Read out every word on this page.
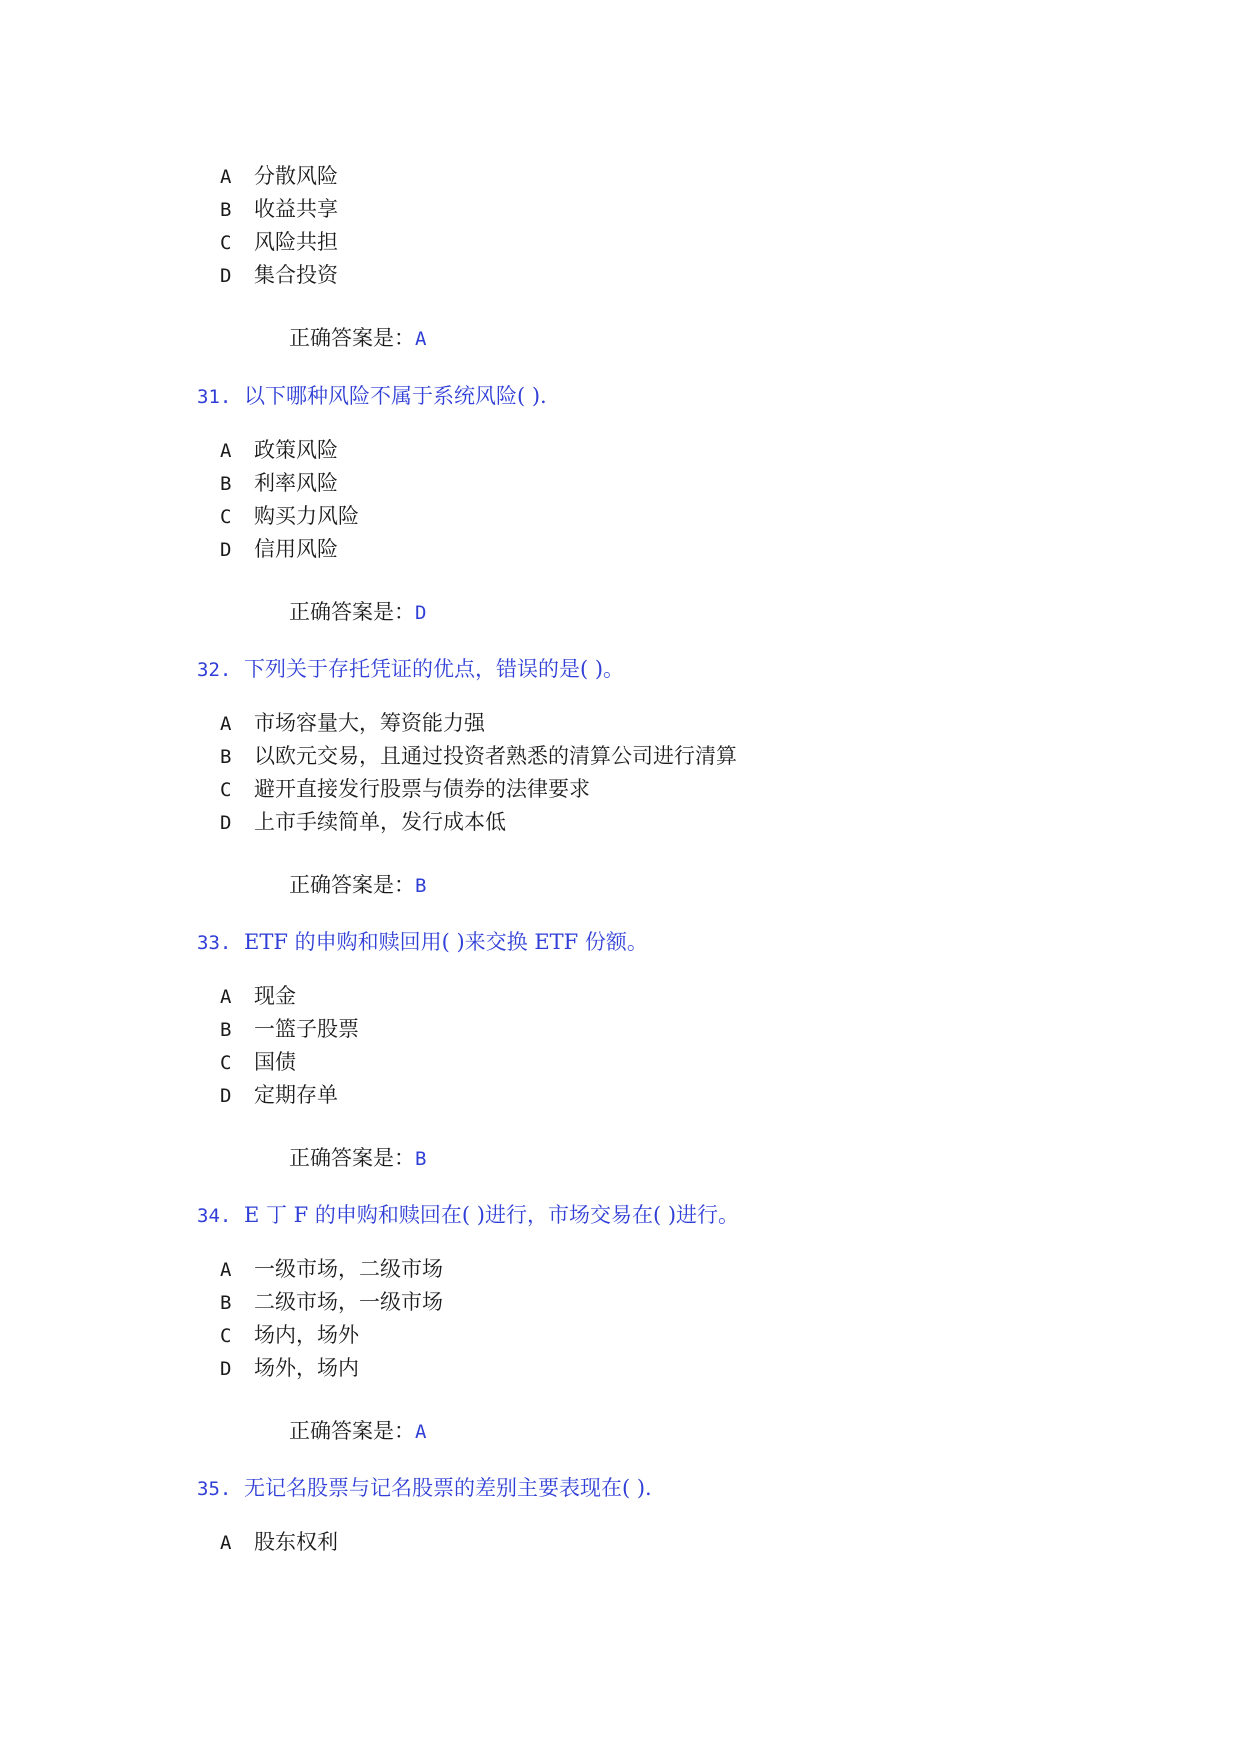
A 分散风险
B 收益共享
C 风险共担
D 集合投资
正确答案是：A
31. 以下哪种风险不属于系统风险( ).
A 政策风险
B 利率风险
C 购买力风险
D 信用风险
正确答案是：D
32. 下列关于存托凭证的优点，错误的是( )。
A 市场容量大，筹资能力强
B 以欧元交易，且通过投资者熟悉的清算公司进行清算
C 避开直接发行股票与债券的法律要求
D 上市手续简单，发行成本低
正确答案是：B
33. ETF 的申购和赎回用( )来交换 ETF 份额。
A 现金
B 一篮子股票
C 国债
D 定期存单
正确答案是：B
34. E 丁 F 的申购和赎回在( )进行，市场交易在( )进行。
A 一级市场，二级市场
B 二级市场，一级市场
C 场内，场外
D 场外，场内
正确答案是：A
35. 无记名股票与记名股票的差别主要表现在( ).
A 股东权利
